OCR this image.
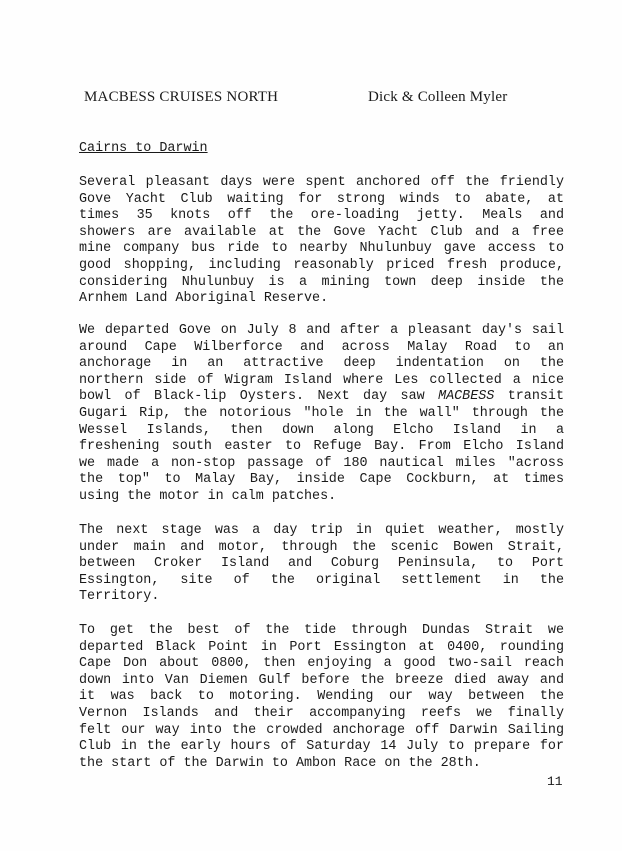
MACBESS CRUISES NORTH	Dick & Colleen Myler
Cairns to Darwin
Several pleasant days were spent anchored off the friendly
Gove Yacht Club waiting for strong winds to abate, at
times 35 knots off the ore-loading jetty. Meals and
showers are available at the Gove Yacht Club and a free
mine company bus ride to nearby Nhulunbuy gave access to
good shopping, including reasonably priced fresh produce,
considering Nhulunbuy is a mining town deep inside the
Arnhem Land Aboriginal Reserve.
We departed Gove on July 8 and after a pleasant day's sail
around Cape Wilberforce and across Malay Road to an
anchorage in an attractive deep indentation on the
northern side of Wigram Island where Les collected a nice
bowl of Black-lip Oysters. Next day saw MACBESS transit
Gugari Rip, the notorious "hole in the wall" through the
Wessel Islands, then down along Elcho Island in a
freshening south easter to Refuge Bay. From Elcho Island
we made a non-stop passage of 180 nautical miles "across
the top" to Malay Bay, inside Cape Cockburn, at times
using the motor in calm patches.
The next stage was a day trip in quiet weather, mostly
under main and motor, through the scenic Bowen Strait,
between Croker Island and Coburg Peninsula, to Port
Essington, site of the original settlement in the
Territory.
To get the best of the tide through Dundas Strait we
departed Black Point in Port Essington at 0400, rounding
Cape Don about 0800, then enjoying a good two-sail reach
down into Van Diemen Gulf before the breeze died away and
it was back to motoring. Wending our way between the
Vernon Islands and their accompanying reefs we finally
felt our way into the crowded anchorage off Darwin Sailing
Club in the early hours of Saturday 14 July to prepare for
the start of the Darwin to Ambon Race on the 28th.
11
